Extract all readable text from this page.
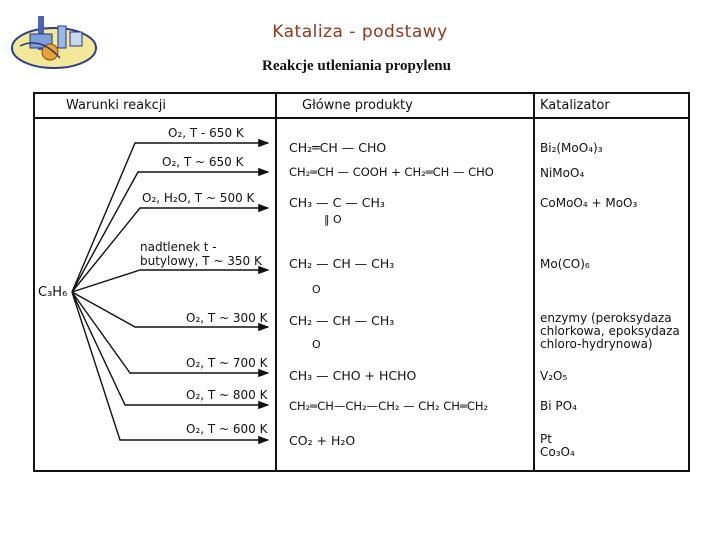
Kataliza - podstawy
Reakcje utleniania propylenu
Warunki reakcji	Główne produkty	Katalizator
C₃H₆
O₂, T - 650 K
O₂, T ~ 650 K
O₂, H₂O, T ~ 500 K
nadtlenek t - butylowy, T ~ 350 K
O₂, T ~ 300 K
O₂, T ~ 700 K
O₂, T ~ 800 K
O₂, T ~ 600 K
CH₂═CH — CHO
CH₂═CH — COOH + CH₂═CH — CHO
CH₃ — C — CH₃
‖ O
CH₂ — CH — CH₃
O
CH₂ — CH — CH₃
O
CH₃ — CHO + HCHO
CH₂═CH—CH₂—CH₂ — CH₂ CH═CH₂
CO₂ + H₂O
Bi₂(MoO₄)₃
NiMoO₄
CoMoO₄ + MoO₃
Mo(CO)₆
enzymy (peroksydaza chlorkowa, epoksydaza chloro-hydrynowa)
V₂O₅
Bi PO₄
Pt Co₃O₄
